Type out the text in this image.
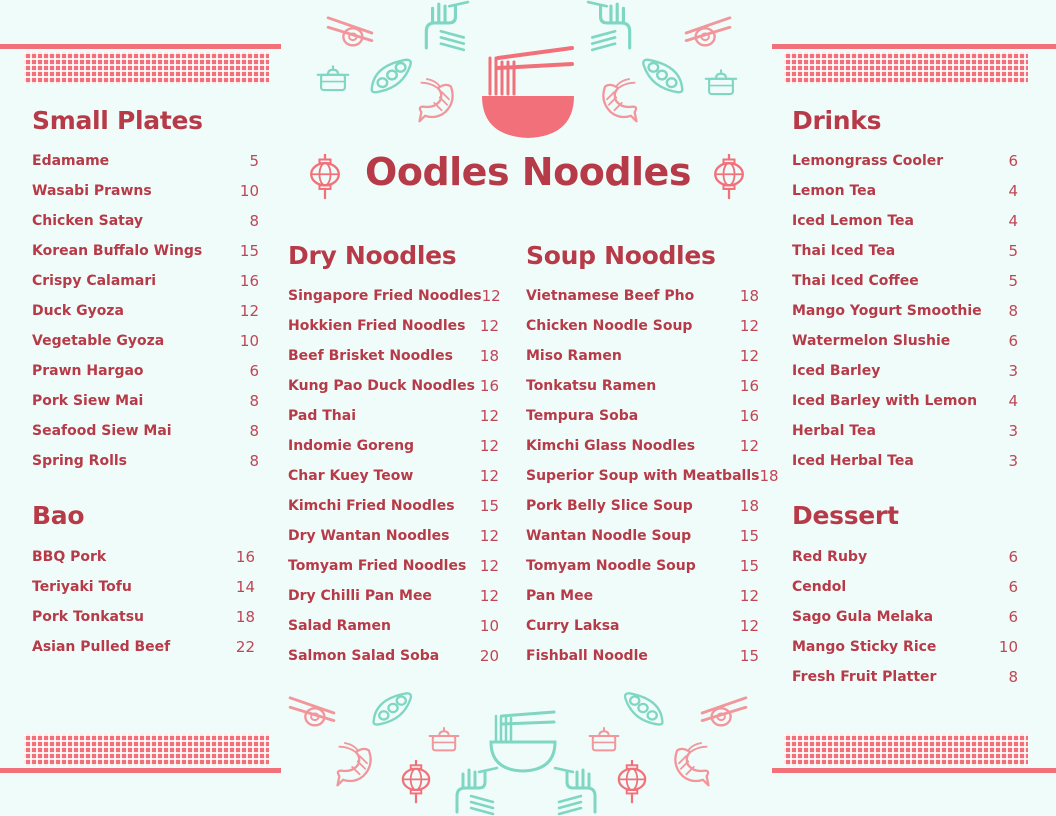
Oodles Noodles
Small Plates
Edamame	5
Wasabi Prawns	10
Chicken Satay	8
Korean Buffalo Wings	15
Crispy Calamari	16
Duck Gyoza	12
Vegetable Gyoza	10
Prawn Hargao	6
Pork Siew Mai	8
Seafood Siew Mai	8
Spring Rolls	8
Bao
BBQ Pork	16
Teriyaki Tofu	14
Pork Tonkatsu	18
Asian Pulled Beef	22
Dry Noodles
Singapore Fried Noodles 12
Hokkien Fried Noodles 12
Beef Brisket Noodles 18
Kung Pao Duck Noodles 16
Pad Thai	12
Indomie Goreng	12
Char Kuey Teow	12
Kimchi Fried Noodles 15
Dry Wantan Noodles 12
Tomyam Fried Noodles 12
Dry Chilli Pan Mee	12
Salad Ramen	10
Salmon Salad Soba	20
Soup Noodles
Vietnamese Beef Pho	18
Chicken Noodle Soup	12
Miso Ramen	12
Tonkatsu Ramen	16
Tempura Soba	16
Kimchi Glass Noodles	12
Superior Soup with Meatballs 18
Pork Belly Slice Soup	18
Wantan Noodle Soup	15
Tomyam Noodle Soup	15
Pan Mee	12
Curry Laksa	12
Fishball Noodle	15
Drinks
Lemongrass Cooler	6
Lemon Tea	4
Iced Lemon Tea	4
Thai Iced Tea	5
Thai Iced Coffee	5
Mango Yogurt Smoothie 8
Watermelon Slushie	6
Iced Barley	3
Iced Barley with Lemon 4
Herbal Tea	3
Iced Herbal Tea	3
Dessert
Red Ruby	6
Cendol	6
Sago Gula Melaka	6
Mango Sticky Rice	10
Fresh Fruit Platter	8
